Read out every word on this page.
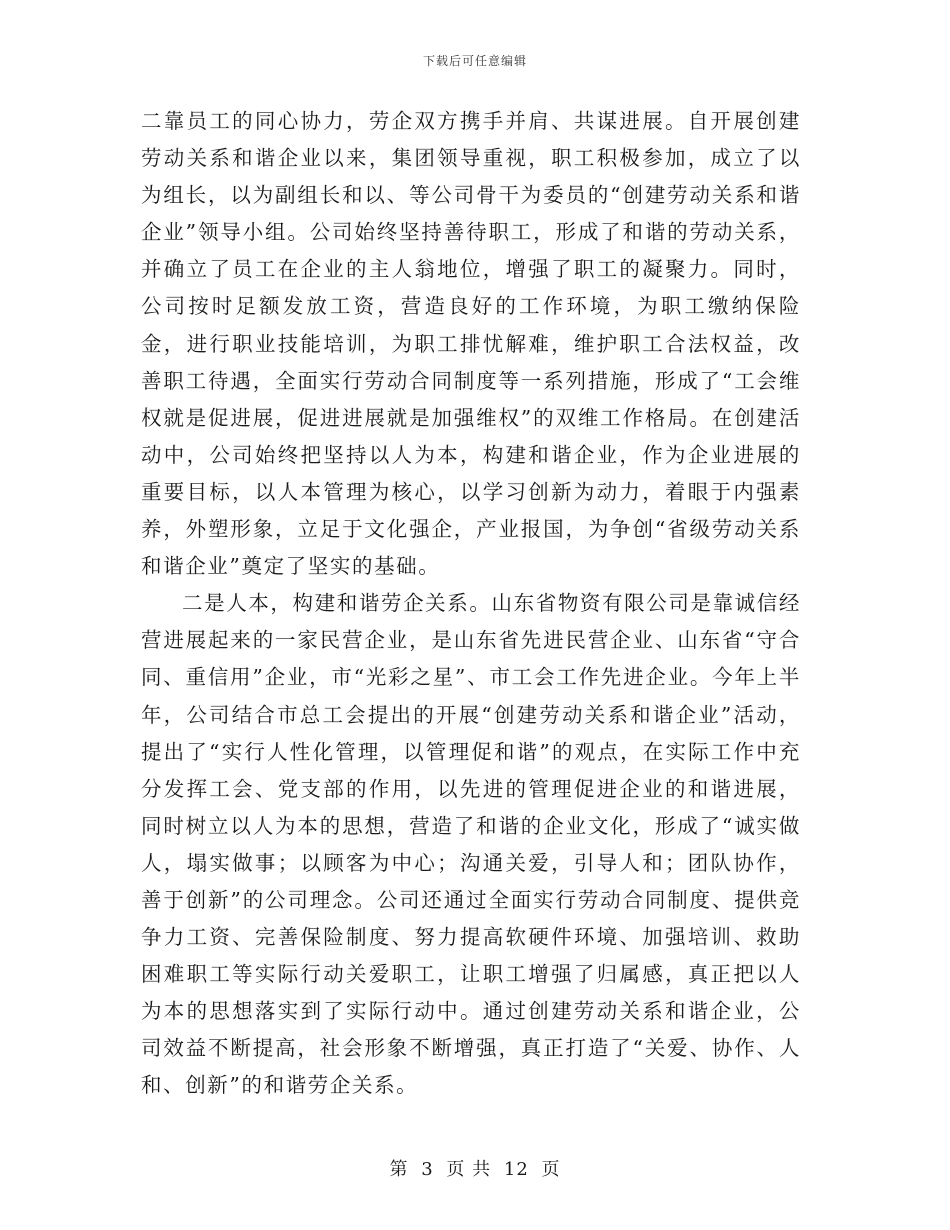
下载后可任意编辑

二靠员工的同心协力，劳企双方携手并肩、共谋进展。自开展创建劳动关系和谐企业以来，集团领导重视，职工积极参加，成立了以为组长，以为副组长和以、等公司骨干为委员的“创建劳动关系和谐企业”领导小组。公司始终坚持善待职工，形成了和谐的劳动关系，并确立了员工在企业的主人翁地位，增强了职工的凝聚力。同时，公司按时足额发放工资，营造良好的工作环境，为职工缴纳保险金，进行职业技能培训，为职工排忧解难，维护职工合法权益，改善职工待遇，全面实行劳动合同制度等一系列措施，形成了“工会维权就是促进展，促进进展就是加强维权”的双维工作格局。在创建活动中，公司始终把坚持以人为本，构建和谐企业，作为企业进展的重要目标，以人本管理为核心，以学习创新为动力，着眼于内强素养，外塑形象，立足于文化强企，产业报国，为争创“省级劳动关系和谐企业”奠定了坚实的基础。

二是人本，构建和谐劳企关系。山东省物资有限公司是靠诚信经营进展起来的一家民营企业，是山东省先进民营企业、山东省“守合同、重信用”企业，市“光彩之星”、市工会工作先进企业。今年上半年，公司结合市总工会提出的开展“创建劳动关系和谐企业”活动，提出了“实行人性化管理，以管理促和谐”的观点，在实际工作中充分发挥工会、党支部的作用，以先进的管理促进企业的和谐进展，同时树立以人为本的思想，营造了和谐的企业文化，形成了“诚实做人，塌实做事；以顾客为中心；沟通关爱，引导人和；团队协作，善于创新”的公司理念。公司还通过全面实行劳动合同制度、提供竞争力工资、完善保险制度、努力提高软硬件环境、加强培训、救助困难职工等实际行动关爱职工，让职工增强了归属感，真正把以人为本的思想落实到了实际行动中。通过创建劳动关系和谐企业，公司效益不断提高，社会形象不断增强，真正打造了“关爱、协作、人和、创新”的和谐劳企关系。

第 3 页 共 12 页
